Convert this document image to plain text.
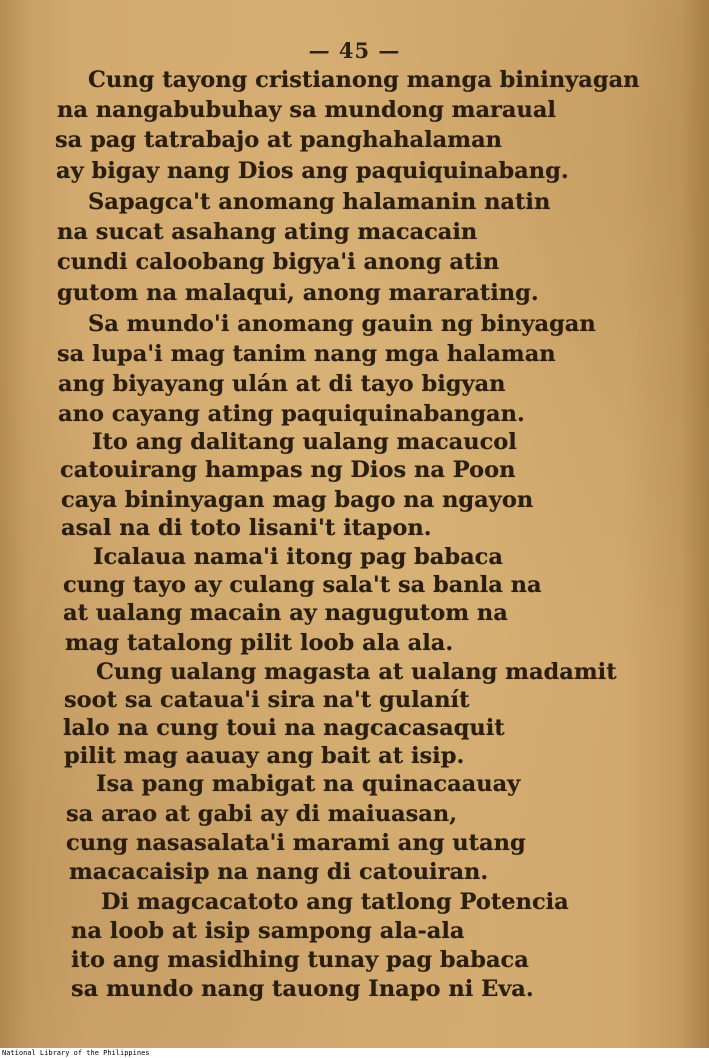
— 45 —
Cung tayong cristianong manga bininyagan
na nangabubuhay sa mundong maraual
sa pag tatrabajo at panghahalaman
ay bigay nang Dios ang paquiquinabang.
Sapagca't anomang halamanin natin
na sucat asahang ating macacain
cundi caloobang bigya'i anong atin
gutom na malaqui, anong mararating.
Sa mundo'i anomang gauin ng binyagan
sa lupa'i mag tanim nang mga halaman
ang biyayang ulán at di tayo bigyan
ano cayang ating paquiquinabangan.
Ito ang dalitang ualang macaucol
catouirang hampas ng Dios na Poon
caya bininyagan mag bago na ngayon
asal na di toto lisani't itapon.
Icalaua nama'i itong pag babaca
cung tayo ay culang sala't sa banla na
at ualang macain ay nagugutom na
mag tatalong pilit loob ala ala.
Cung ualang magasta at ualang madamit
soot sa cataua'i sira na't gulanít
lalo na cung toui na nagcacasaquit
pilit mag aauay ang bait at isip.
Isa pang mabigat na quinacaauay
sa arao at gabi ay di maiuasan,
cung nasasalata'i marami ang utang
macacaisip na nang di catouiran.
Di magcacatoto ang tatlong Potencia
na loob at isip sampong ala-ala
ito ang masidhing tunay pag babaca
sa mundo nang tauong Inapo ni Eva.
National Library of the Philippines
